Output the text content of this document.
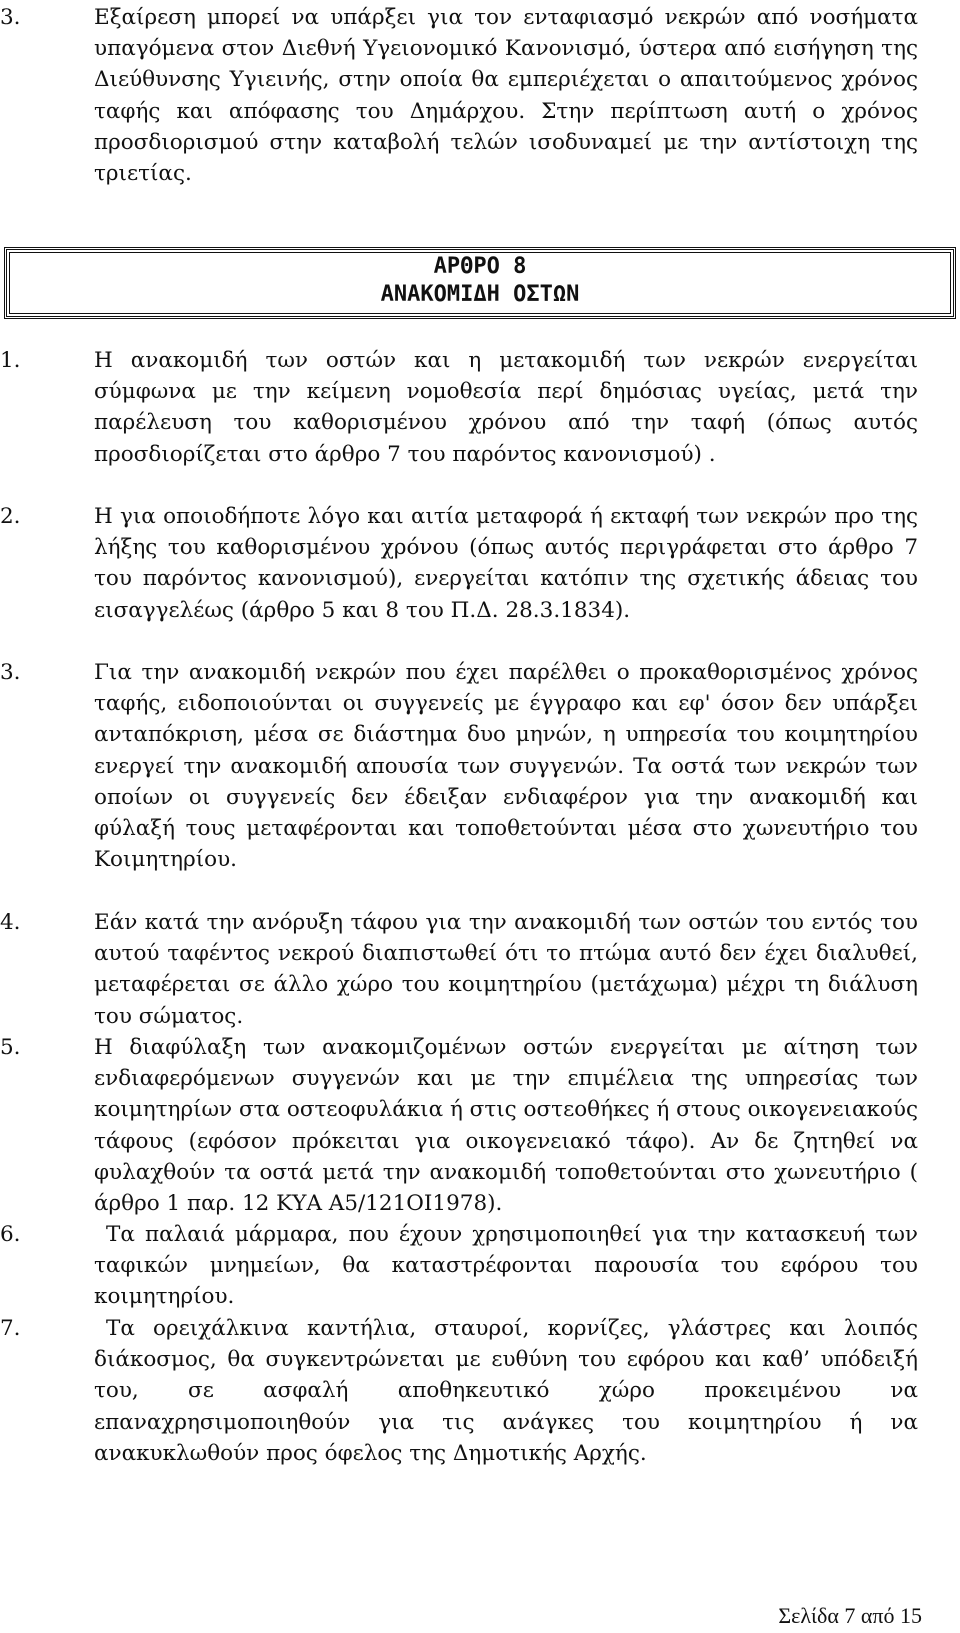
3.	Εξαίρεση μπορεί να υπάρξει για τον ενταφιασμό νεκρών από νοσήματα υπαγόμενα στον Διεθνή Υγειονομικό Κανονισμό, ύστερα από εισήγηση της Διεύθυνσης Υγιεινής, στην οποία θα εμπεριέχεται ο απαιτούμενος χρόνος ταφής και απόφασης του Δημάρχου. Στην περίπτωση αυτή ο χρόνος προσδιορισμού στην καταβολή τελών ισοδυναμεί με την αντίστοιχη της τριετίας.

ΑΡΘΡΟ 8
ΑΝΑΚΟΜΙΔΗ ΟΣΤΩΝ

1.	Η ανακομιδή των οστών και η μετακομιδή των νεκρών ενεργείται σύμφωνα με την κείμενη νομοθεσία περί δημόσιας υγείας, μετά την παρέλευση του καθορισμένου χρόνου από την ταφή (όπως αυτός προσδιορίζεται στο άρθρο 7 του παρόντος κανονισμού) .

2.	Η για οποιοδήποτε λόγο και αιτία μεταφορά ή εκταφή των νεκρών προ της λήξης του καθορισμένου χρόνου (όπως αυτός περιγράφεται στο άρθρο 7 του παρόντος κανονισμού), ενεργείται κατόπιν της σχετικής άδειας του εισαγγελέως (άρθρο 5 και 8 του Π.Δ. 28.3.1834).

3.	Για την ανακομιδή νεκρών που έχει παρέλθει ο προκαθορισμένος χρόνος ταφής, ειδοποιούνται οι συγγενείς με έγγραφο και εφ' όσον δεν υπάρξει ανταπόκριση, μέσα σε διάστημα δυο μηνών, η υπηρεσία του κοιμητηρίου ενεργεί την ανακομιδή απουσία των συγγενών. Τα οστά των νεκρών των οποίων οι συγγενείς δεν έδειξαν ενδιαφέρον για την ανακομιδή και φύλαξή τους μεταφέρονται και τοποθετούνται μέσα στο χωνευτήριο του Κοιμητηρίου.

4.	Εάν κατά την ανόρυξη τάφου για την ανακομιδή των οστών του εντός του αυτού ταφέντος νεκρού διαπιστωθεί ότι το πτώμα αυτό δεν έχει διαλυθεί, μεταφέρεται σε άλλο χώρο του κοιμητηρίου (μετάχωμα) μέχρι τη διάλυση του σώματος.

5.	Η διαφύλαξη των ανακομιζομένων οστών ενεργείται με αίτηση των ενδιαφερόμενων συγγενών και με την επιμέλεια της υπηρεσίας των κοιμητηρίων στα οστεοφυλάκια ή στις οστεοθήκες ή στους οικογενειακούς τάφους (εφόσον πρόκειται για οικογενειακό τάφο). Αν δε ζητηθεί να φυλαχθούν τα οστά μετά την ανακομιδή τοποθετούνται στο χωνευτήριο ( άρθρο 1 παρ. 12 ΚΥΑ Α5/121ΟΙ1978).

6.	Τα παλαιά μάρμαρα, που έχουν χρησιμοποιηθεί για την κατασκευή των ταφικών μνημείων, θα καταστρέφονται παρουσία του εφόρου του κοιμητηρίου.

7.	Τα ορειχάλκινα καντήλια, σταυροί, κορνίζες, γλάστρες και λοιπός διάκοσμος, θα συγκεντρώνεται με ευθύνη του εφόρου και καθ’ υπόδειξή του, σε ασφαλή αποθηκευτικό χώρο προκειμένου να επαναχρησιμοποιηθούν για τις ανάγκες του κοιμητηρίου ή να ανακυκλωθούν προς όφελος της Δημοτικής Αρχής.

Σελίδα 7 από 15
